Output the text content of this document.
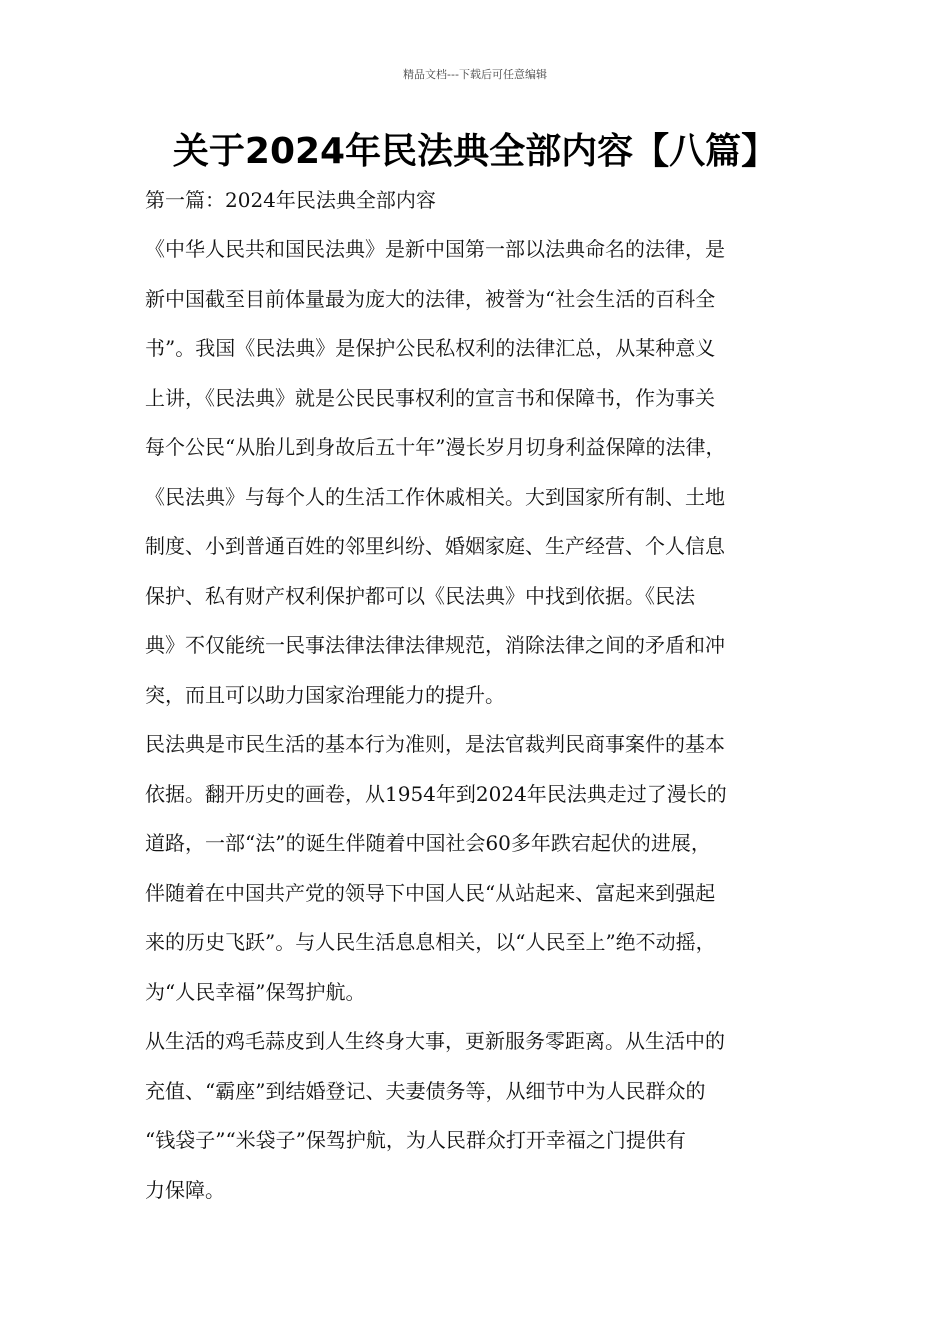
精品文档---下载后可任意编辑
关于2024年民法典全部内容【八篇】
第一篇：2024年民法典全部内容

《中华人民共和国民法典》是新中国第一部以法典命名的法律，是
新中国截至目前体量最为庞大的法律，被誉为“社会生活的百科全
书”。我国《民法典》是保护公民私权利的法律汇总，从某种意义
上讲，《民法典》就是公民民事权利的宣言书和保障书，作为事关
每个公民“从胎儿到身故后五十年”漫长岁月切身利益保障的法律，
《民法典》与每个人的生活工作休戚相关。大到国家所有制、土地
制度、小到普通百姓的邻里纠纷、婚姻家庭、生产经营、个人信息
保护、私有财产权利保护都可以《民法典》中找到依据。《民法
典》不仅能统一民事法律法律法律规范，消除法律之间的矛盾和冲
突，而且可以助力国家治理能力的提升。

民法典是市民生活的基本行为准则，是法官裁判民商事案件的基本
依据。翻开历史的画卷，从1954年到2024年民法典走过了漫长的
道路，一部“法”的诞生伴随着中国社会60多年跌宕起伏的进展，
伴随着在中国共产党的领导下中国人民“从站起来、富起来到强起
来的历史飞跃”。与人民生活息息相关，以“人民至上”绝不动摇，
为“人民幸福”保驾护航。

从生活的鸡毛蒜皮到人生终身大事，更新服务零距离。从生活中的
充值、“霸座”到结婚登记、夫妻债务等，从细节中为人民群众的
“钱袋子”“米袋子”保驾护航，为人民群众打开幸福之门提供有
力保障。
